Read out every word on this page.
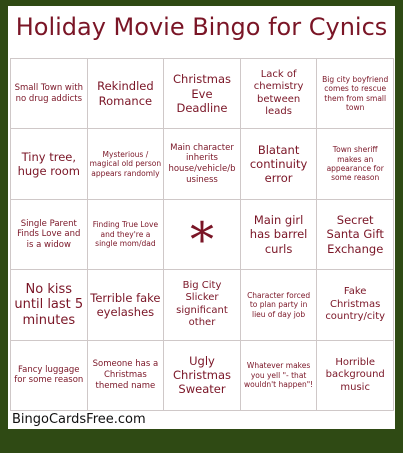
Holiday Movie Bingo for Cynics
Small Town with no drug addicts
Rekindled Romance
Christmas Eve Deadline
Lack of chemistry between leads
Big city boyfriend comes to rescue them from small town
Tiny tree, huge room
Mysterious / magical old person appears randomly
Main character inherits house/vehicle/business
Blatant continuity error
Town sheriff makes an appearance for some reason
Single Parent Finds Love and is a widow
Finding True Love and they're a single mom/dad *	Main girl has barrel curls
Secret Santa Gift Exchange
No kiss until last 5 minutes
Terrible fake eyelashes
Big City Slicker significant other
Character forced to plan party in lieu of day job
Fake Christmas country/city
Fancy luggage for some reason
Someone has a Christmas themed name
Ugly Christmas Sweater
Whatever makes you yell "- that wouldn't happen"!
Horrible background music
BingoCardsFree.com
